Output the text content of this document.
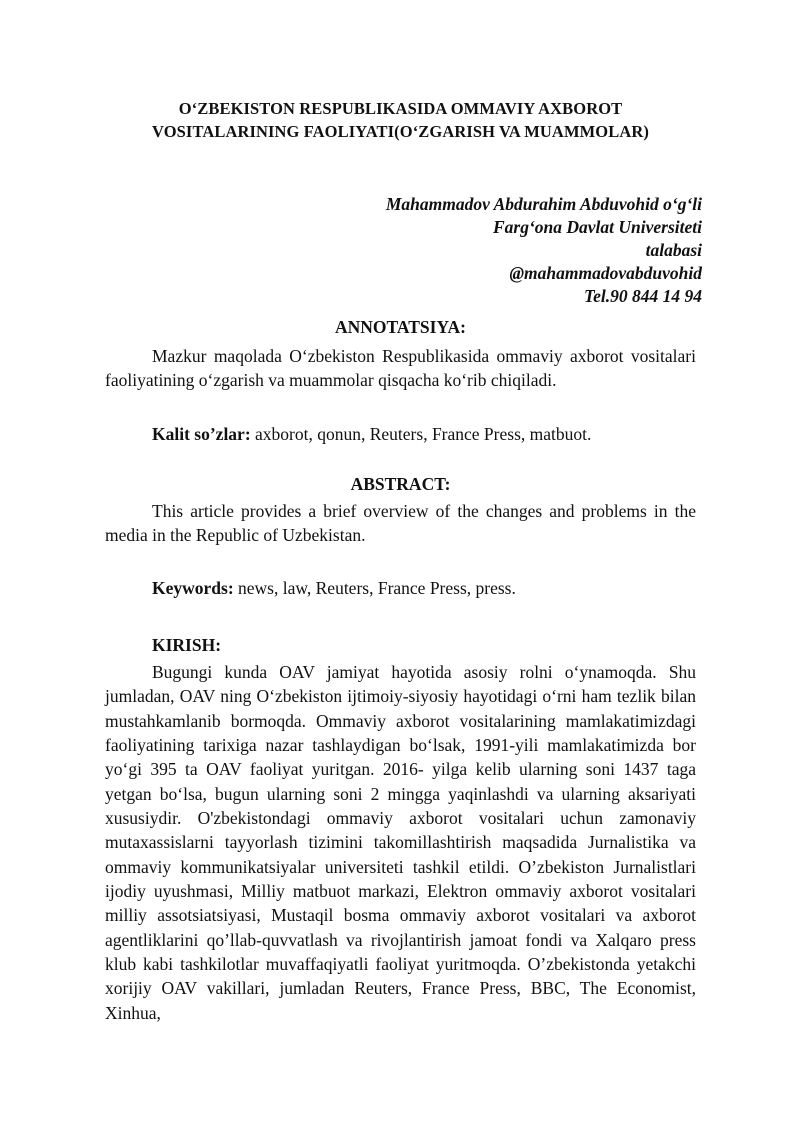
O‘ZBEKISTON RESPUBLIKASIDA OMMAVIY AXBOROT VOSITALARINING FAOLIYATI(O‘ZGARISH VA MUAMMOLAR)
Mahammadov Abdurahim Abduvohid o‘g‘li
Farg‘ona Davlat Universiteti
talabasi
@mahammadovabduvohid
Tel.90 844 14 94
ANNOTATSIYA:
Mazkur maqolada O‘zbekiston Respublikasida ommaviy axborot vositalari faoliyatining o‘zgarish va muammolar qisqacha ko‘rib chiqiladi.
Kalit so’zlar: axborot, qonun, Reuters, France Press, matbuot.
ABSTRACT:
This article provides a brief overview of the changes and problems in the media in the Republic of Uzbekistan.
Keywords: news, law, Reuters, France Press, press.
KIRISH:
Bugungi kunda OAV jamiyat hayotida asosiy rolni o‘ynamoqda. Shu jumladan, OAV ning O‘zbekiston ijtimoiy-siyosiy hayotidagi o‘rni ham tezlik bilan mustahkamlanib bormoqda. Ommaviy axborot vositalarining mamlakatimizdagi faoliyatining tarixiga nazar tashlaydigan bo‘lsak, 1991-yili mamlakatimizda bor yo‘gi 395 ta OAV faoliyat yuritgan. 2016- yilga kelib ularning soni 1437 taga yetgan bo‘lsa, bugun ularning soni 2 mingga yaqinlashdi va ularning aksariyati xususiydir. O'zbekistondagi ommaviy axborot vositalari uchun zamonaviy mutaxassislarni tayyorlash tizimini takomillashtirish maqsadida Jurnalistika va ommaviy kommunikatsiyalar universiteti tashkil etildi. O’zbekiston Jurnalistlari ijodiy uyushmasi, Milliy matbuot markazi, Elektron ommaviy axborot vositalari milliy assotsiatsiyasi, Mustaqil bosma ommaviy axborot vositalari va axborot agentliklarini qo’llab-quvvatlash va rivojlantirish jamoat fondi va Xalqaro press klub kabi tashkilotlar muvaffaqiyatli faoliyat yuritmoqda. O’zbekistonda yetakchi xorijiy OAV vakillari, jumladan Reuters, France Press, BBC, The Economist, Xinhua,
